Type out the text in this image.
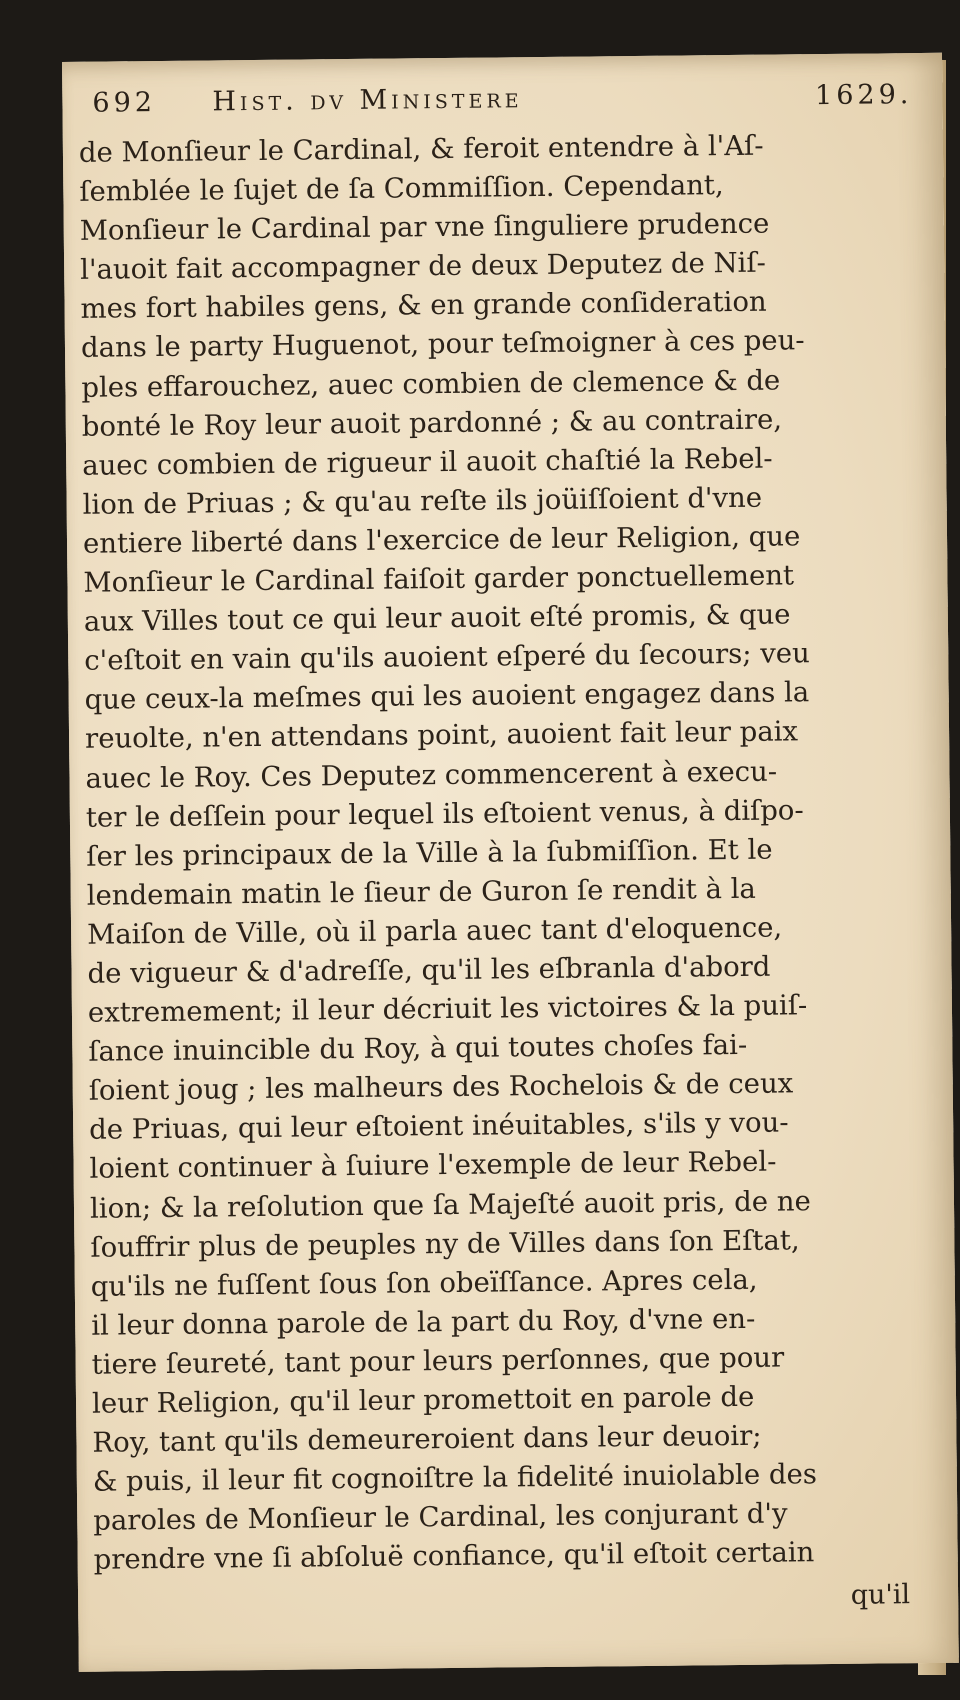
692	Hist. dv Ministere	1629.
de Monſieur le Cardinal, & feroit entendre à l'Aſ-
ſemblée le ſujet de ſa Commiſſion. Cependant,
Monſieur le Cardinal par vne ſinguliere prudence
l'auoit fait accompagner de deux Deputez de Niſ-
mes fort habiles gens, & en grande conſideration
dans le party Huguenot, pour teſmoigner à ces peu-
ples effarouchez, auec combien de clemence & de
bonté le Roy leur auoit pardonné ; & au contraire,
auec combien de rigueur il auoit chaſtié la Rebel-
lion de Priuas ; & qu'au reſte ils joüiſſoient d'vne
entiere liberté dans l'exercice de leur Religion, que
Monſieur le Cardinal faiſoit garder ponctuellement
aux Villes tout ce qui leur auoit eſté promis, & que
c'eſtoit en vain qu'ils auoient eſperé du ſecours; veu
que ceux-la meſmes qui les auoient engagez dans la
reuolte, n'en attendans point, auoient fait leur paix
auec le Roy. Ces Deputez commencerent à execu-
ter le deſſein pour lequel ils eſtoient venus, à diſpo-
ſer les principaux de la Ville à la ſubmiſſion. Et le
lendemain matin le ſieur de Guron ſe rendit à la
Maiſon de Ville, où il parla auec tant d'eloquence,
de vigueur & d'adreſſe, qu'il les eſbranla d'abord
extremement; il leur décriuit les victoires & la puiſ-
ſance inuincible du Roy, à qui toutes choſes fai-
ſoient joug ; les malheurs des Rochelois & de ceux
de Priuas, qui leur eſtoient inéuitables, s'ils y vou-
loient continuer à ſuiure l'exemple de leur Rebel-
lion; & la reſolution que ſa Majeſté auoit pris, de ne
ſouffrir plus de peuples ny de Villes dans ſon Eſtat,
qu'ils ne fuſſent ſous ſon obeïſſance. Apres cela,
il leur donna parole de la part du Roy, d'vne en-
tiere ſeureté, tant pour leurs perſonnes, que pour
leur Religion, qu'il leur promettoit en parole de
Roy, tant qu'ils demeureroient dans leur deuoir;
& puis, il leur fit cognoiſtre la fidelité inuiolable des
paroles de Monſieur le Cardinal, les conjurant d'y
prendre vne ſi abſoluë confiance, qu'il eſtoit certain
qu'il
